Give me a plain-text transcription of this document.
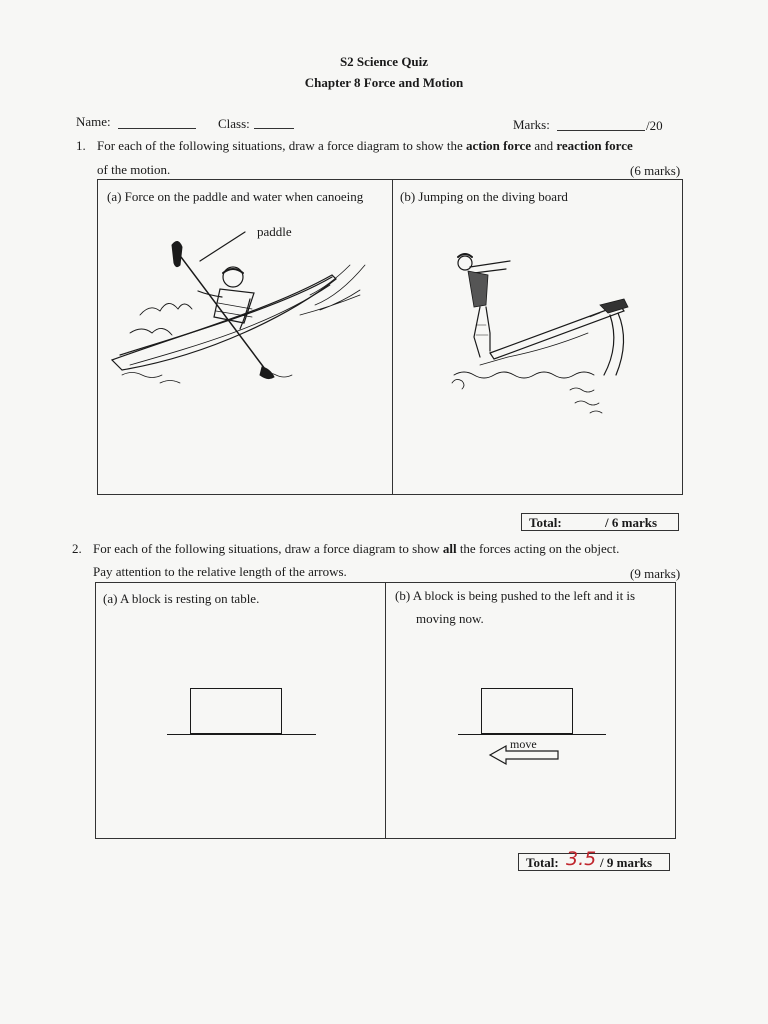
S2 Science Quiz
Chapter 8 Force and Motion
Name:	Class:	Marks:	/20
1. For each of the following situations, draw a force diagram to show the action force and reaction force
of the motion.	(6 marks)
(a) Force on the paddle and water when canoeing	(b) Jumping on the diving board
paddle
Total:	/ 6 marks
2. For each of the following situations, draw a force diagram to show all the forces acting on the object.
Pay attention to the relative length of the arrows.	(9 marks)
(a) A block is resting on table.	(b) A block is being pushed to the left and it is
moving now.
move
Total: 3.5 / 9 marks
